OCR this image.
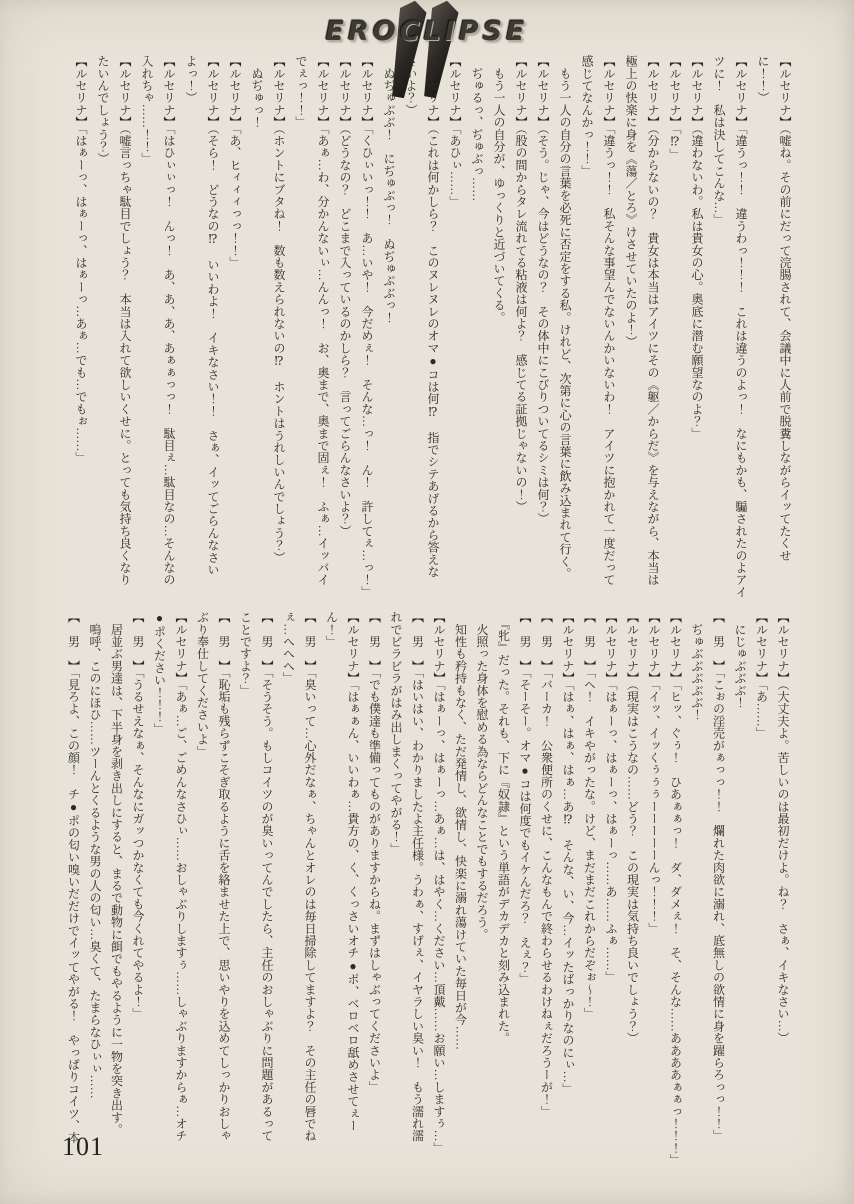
EROCLIPSE
【ルセリナ】（嘘ね。その前にだって浣腸されて、会議中に人前で脱糞しながらイッてたくせ
に！！）
【ルセリナ】「違うっ！！　違うわっ！！！　これは違うのよっ！　なにもかも、騙されたのよアイ
ツに！　私は決してこんな…」
【ルセリナ】（違わないわ。私は貴女の心。奥底に潜む願望なのよ？」
【ルセリナ】「⁉」
【ルセリナ】（分からないの？　貴女は本当はアイツにその《躯／からだ》を与えながら、本当は
極上の快楽に身を《蕩／とろ》けさせていたのよ！）
【ルセリナ】「違うっ！！　私そんな事望んでないんかいないわ！　アイツに抱かれて一度だって
感じてなんかっ！！」
　もう一人の自分の言葉を必死に否定をする私。けれど、次第に心の言葉に飲み込まれて行く。
【ルセリナ】（そう。じゃ、今はどうなの？　その体中にこびりついてるシミは何？）
【ルセリナ】（股の間からタレ流れてる粘液は何よ？　感じてる証拠じゃないの！）
　もう一人の自分が、ゆっくりと近づいてくる。
　ぢゅるっ、ぢゅぶっ……
【ルセリナ】「あひぃ……」
【ルセリナ】（これは何かしら？　このヌレヌレのオマ●コは何⁉　指でシテあげるから答えな
さいよ？）
　ぬぢゅぶぶ！　にぢゅぶっ！　ぬぢゅぶぶっ！
【ルセリナ】「くひぃいっ！！　あ…いや！　今だめぇ！　そんな…っ！　ん！　許してぇ…っ！」
【ルセリナ】（どうなの？　どこまで入っているのかしら？　言ってごらんなさいよ？）
【ルセリナ】「あぁ…わ、分かんないぃ…んんっ！　お、奥まで、奥まで固ぇ！　ふぁ…イッパイ
でぇっ！！」
【ルセリナ】（ホントにブタね！　数も数えられないの⁉　ホントはうれしいんでしょう？）
　ぬぢゅっ！
【ルセリナ】「あ、ヒィィィっっ！！」
【ルセリナ】（そら！　どうなの⁉　いいわよ！　イキなさい！！　さぁ、イッてごらんなさい
よっ！）
【ルセリナ】「はひぃぃっ！　んっ！　あ、あ、あ、あぁぁっっ！　駄目ぇ…駄目なの…そんなの
入れちゃ……！！」
【ルセリナ】（嘘言っちゃ駄目でしょう？　本当は入れて欲しいくせに。とっても気持ち良くなり
たいんでしょう？）
【ルセリナ】「はぁーっ、はぁーっ、はぁーっ…あぁ…でも…でもぉ……」
【ルセリナ】（大丈夫よ。苦しいのは最初だけよ。ね？　さぁ、イキなさい…）
【ルセリナ】「あ……」
　にじゅぶぶぶ！
【　男　】「こぉの淫売がぁっっ！！　爛れた肉欲に溺れ、底無しの欲情に身を躍らろっっ！！」
　ぢゅぶぶぶぶぶ！
【ルセリナ】「ヒッ、ぐぅ！　ひあぁぁっ！　ダ、ダメぇ！　そ、そんな……ああああぁぁっ！！！」
【ルセリナ】「イッ、イッくぅぅぅーーーーーんっ！！！」
【ルセリナ】（現実はこうなの……どう？　この現実は気持ち良いでしょう？）
【ルセリナ】「はぁーっ、はぁーっ、はぁーっ……あ……ふぁ……」
【　男　】「ヘ！　イキやがったな。けど、まだまだこれからだぞぉ〜！」
【ルセリナ】「はぁ、はぁ、はぁ…あ⁉　そんな、い、今…イッたばっかりなのにぃ…」
【　男　】「バーカ！　公衆便所のくせに、こんなもんで終わらせるわけねぇだろうーが！」
【　男　】「そーそー。オマ●コは何度でもイケんだろ？　えぇ？」
　『牝』だった。それも、下に『奴隷』という単語がデカデカと刻み込まれた。
　火照った身体を慰める為ならどんなことでもするだろう。
　知性も矜持もなく、ただ発情し、欲情し、快楽に溺れ蕩けていた毎日が今……
【ルセリナ】「はぁーっ、はぁーっ…あぁ…は、はやく…ください…頂戴……お願い…しますぅ…」
【　男　】「はいはい、わかりましたよ主任様。うわぁ、すげぇ、イヤラしい臭い！　もう濡れ濡
れでビラビラがはみ出しまくってやがる！」
【　男　】「でも僕達も準備ってものがありますからね。まずはしゃぶってくださいよ」
【ルセリナ】「はぁぁん、いいわぁ…貴方の、く、くっさいオチ●ポ、ベロベロ舐めさせてぇー
ん！」
【　男　】「臭いって…心外だなぁ、ちゃんとオレのは毎日掃除してますよ？　その主任の唇でね
ぇ…へへへ」
【　男　】「そうそう。もしコイツのが臭いってんでしたら、主任のおしゃぶりに問題があるって
ことですよ？」
【　男　】「恥垢も残らずこそぎ取るように舌を絡ませた上で、思いやりを込めてしっかりおしゃ
ぶり奉仕してくださいよ」
【ルセリナ】「あぁ…ご、ごめんなさひぃ……おしゃぶりしますぅ……しゃぶりますからぁ…オチ
●ポください！！！」
【　男　】「うるせえなぁ、そんなにガッつかなくても今くれてやるよ！」
　居並ぶ男達は、下半身を剥き出しにすると、まるで動物に餌でもやるように一物を突き出す。
　嗚呼、このにほひ……ツーんとくるような男の人の匂い…臭くて、たまらなひぃぃ……
【　男　】「見ろよ、この顔！　チ●ポの匂い嗅いだだけでイッてやがる！　やっぱりコイツ、本
101
